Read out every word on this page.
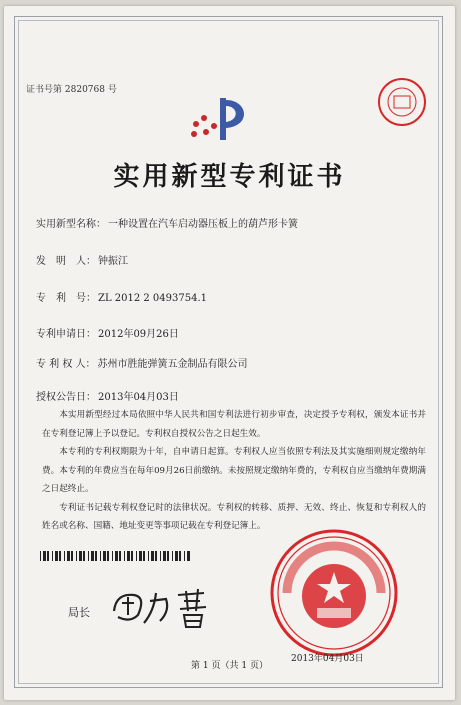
证书号第 2820768 号
实用新型专利证书
实用新型名称： 一种设置在汽车启动器压板上的葫芦形卡簧
发　明　人： 钟振江
专　利　号： ZL 2012 2 0493754.1
专利申请日： 2012年09月26日
专 利 权 人： 苏州市胜能弹簧五金制品有限公司
授权公告日： 2013年04月03日

本实用新型经过本局依照中华人民共和国专利法进行初步审查，决定授予专利权，颁发本证书并在专利登记簿上予以登记。专利权自授权公告之日起生效。

本专利的专利权期限为十年，自申请日起算。专利权人应当依照专利法及其实施细则规定缴纳年费。本专利的年费应当在每年09月26日前缴纳。未按照规定缴纳年费的，专利权自应当缴纳年费期满之日起终止。

专利证书记载专利权登记时的法律状况。专利权的转移、质押、无效、终止、恢复和专利权人的姓名或名称、国籍、地址变更等事项记载在专利登记簿上。

局长
2013年04月03日
第 1 页（共 1 页）
